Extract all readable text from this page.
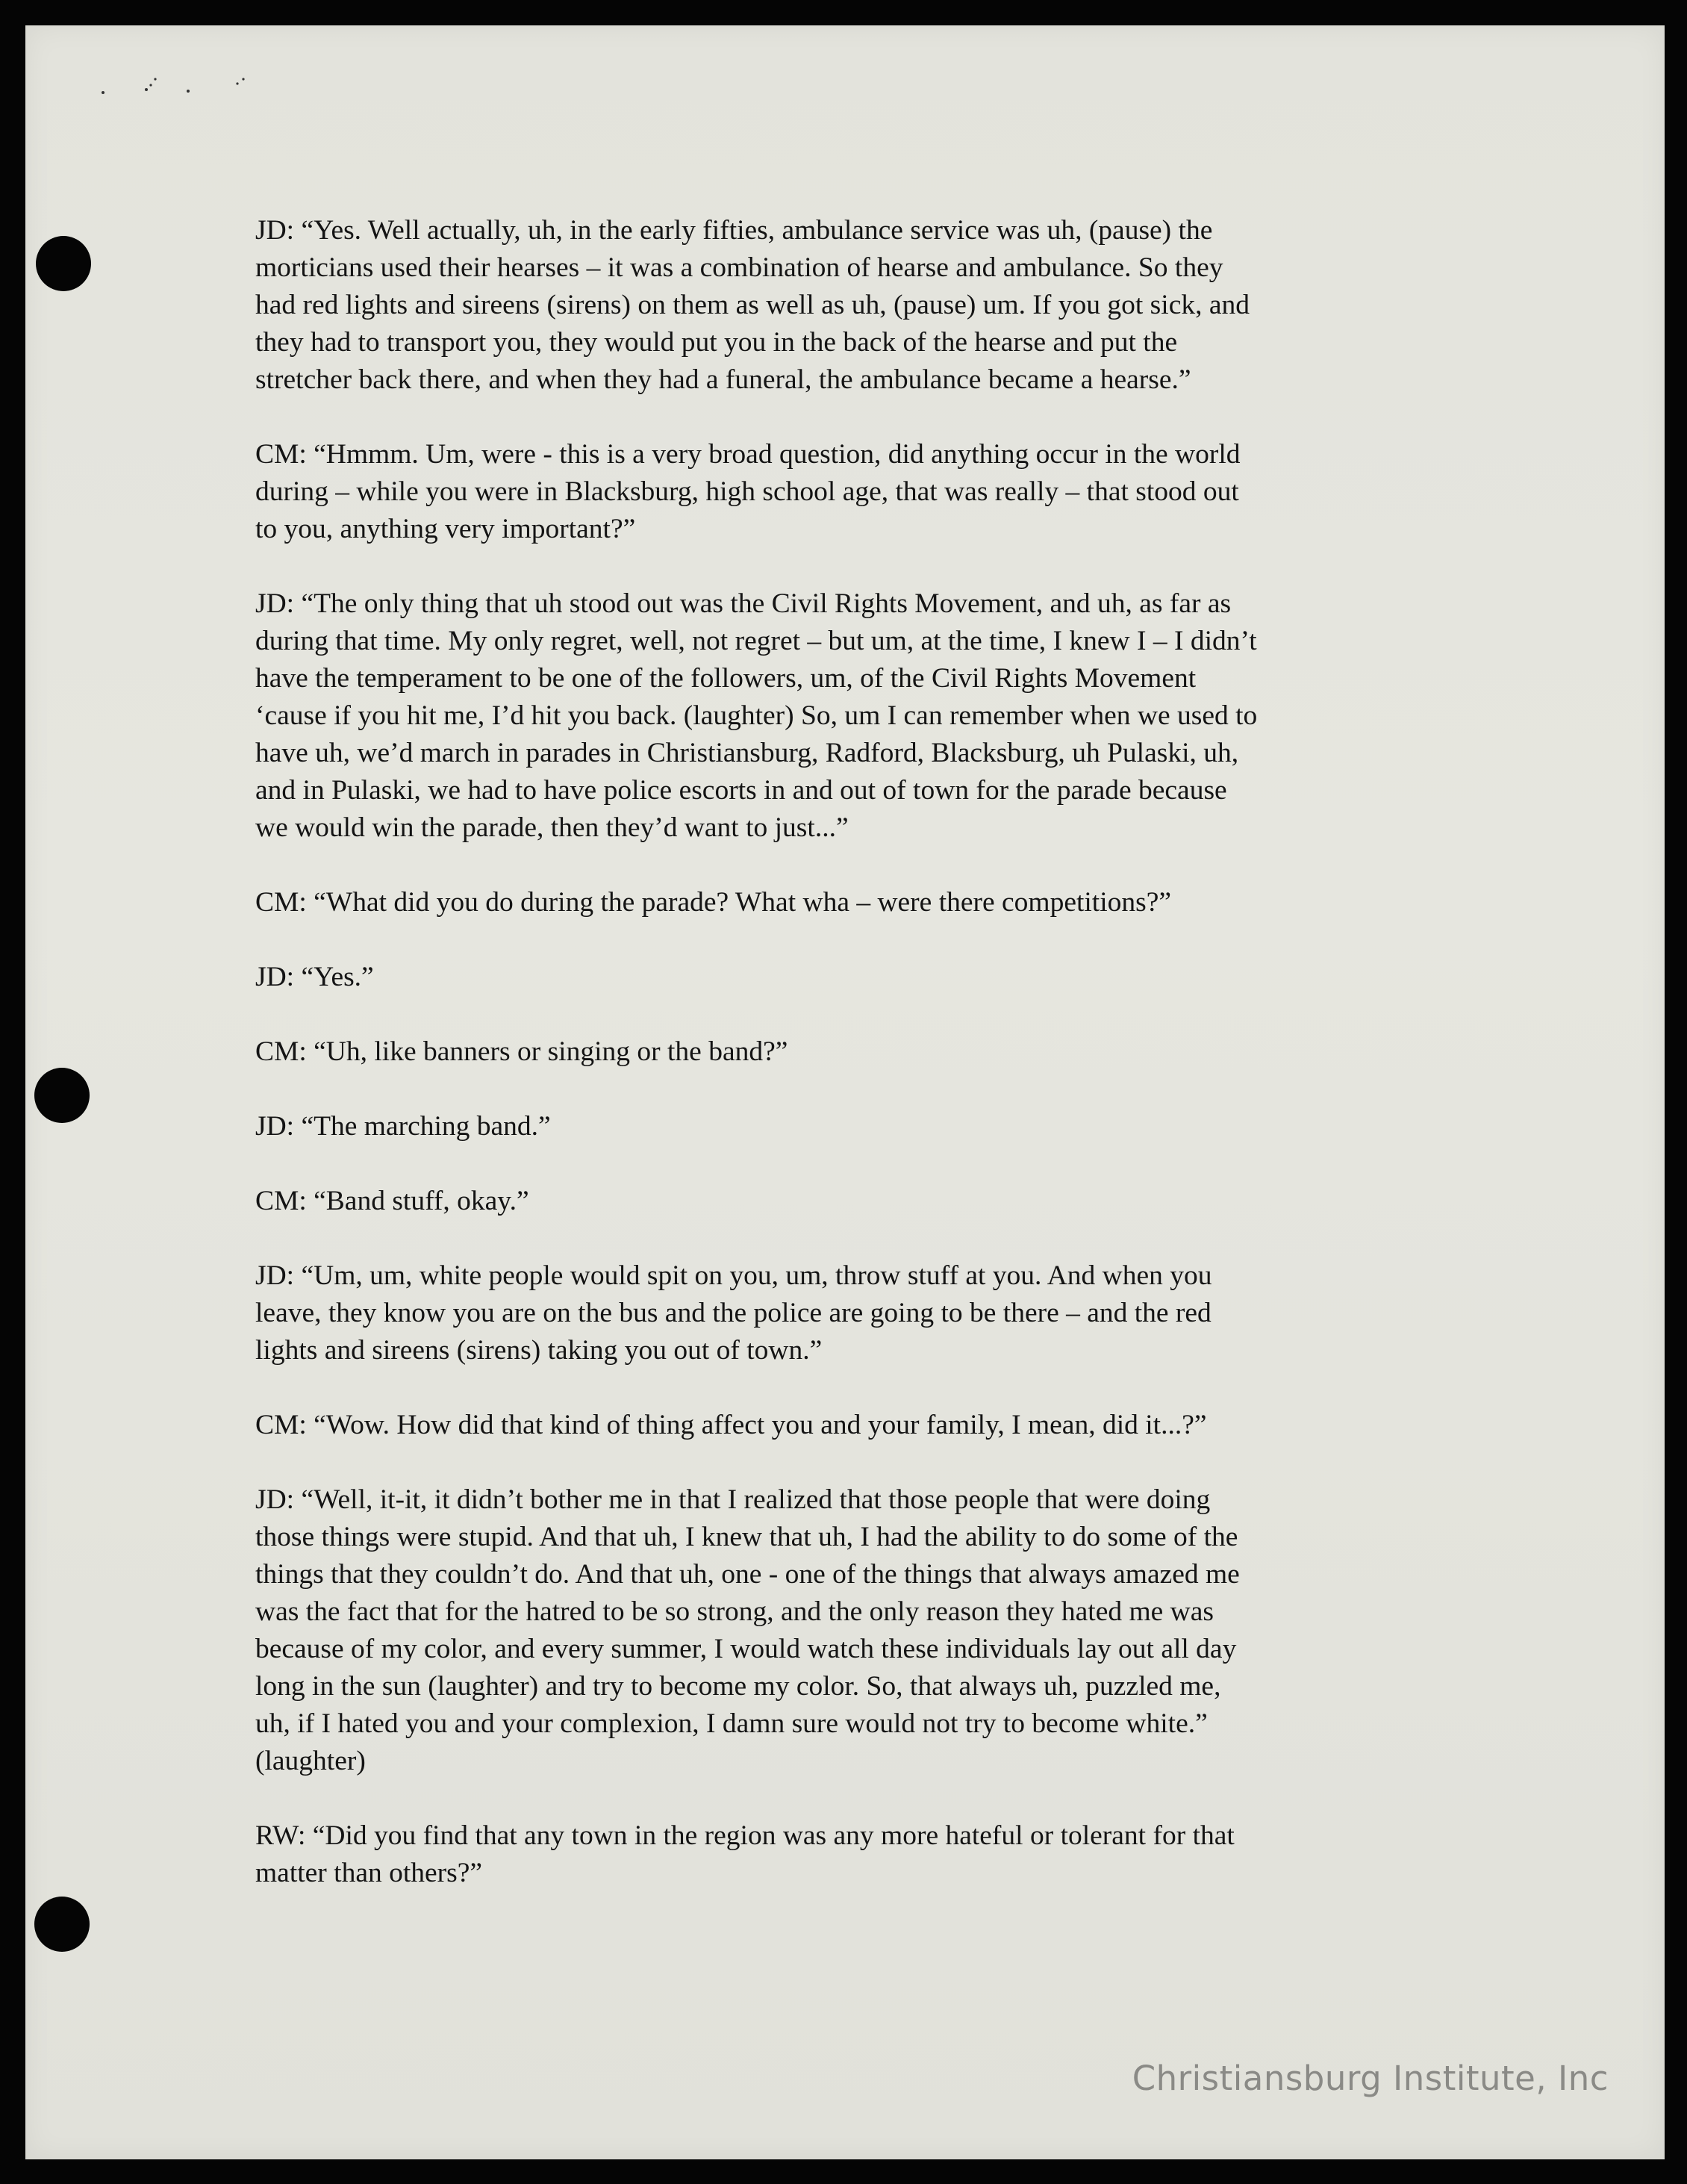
JD: “Yes. Well actually, uh, in the early fifties, ambulance service was uh, (pause) the
morticians used their hearses – it was a combination of hearse and ambulance. So they
had red lights and sireens (sirens) on them as well as uh, (pause) um. If you got sick, and
they had to transport you, they would put you in the back of the hearse and put the
stretcher back there, and when they had a funeral, the ambulance became a hearse.”
CM: “Hmmm. Um, were - this is a very broad question, did anything occur in the world
during – while you were in Blacksburg, high school age, that was really – that stood out
to you, anything very important?”
JD: “The only thing that uh stood out was the Civil Rights Movement, and uh, as far as
during that time. My only regret, well, not regret – but um, at the time, I knew I – I didn’t
have the temperament to be one of the followers, um, of the Civil Rights Movement
‘cause if you hit me, I’d hit you back. (laughter) So, um I can remember when we used to
have uh, we’d march in parades in Christiansburg, Radford, Blacksburg, uh Pulaski, uh,
and in Pulaski, we had to have police escorts in and out of town for the parade because
we would win the parade, then they’d want to just...”
CM: “What did you do during the parade? What wha – were there competitions?”
JD: “Yes.”
CM: “Uh, like banners or singing or the band?”
JD: “The marching band.”
CM: “Band stuff, okay.”
JD: “Um, um, white people would spit on you, um, throw stuff at you. And when you
leave, they know you are on the bus and the police are going to be there – and the red
lights and sireens (sirens) taking you out of town.”
CM: “Wow. How did that kind of thing affect you and your family, I mean, did it...?”
JD: “Well, it-it, it didn’t bother me in that I realized that those people that were doing
those things were stupid. And that uh, I knew that uh, I had the ability to do some of the
things that they couldn’t do. And that uh, one - one of the things that always amazed me
was the fact that for the hatred to be so strong, and the only reason they hated me was
because of my color, and every summer, I would watch these individuals lay out all day
long in the sun (laughter) and try to become my color. So, that always uh, puzzled me,
uh, if I hated you and your complexion, I damn sure would not try to become white.”
(laughter)
RW: “Did you find that any town in the region was any more hateful or tolerant for that
matter than others?”
Christiansburg Institute, Inc
